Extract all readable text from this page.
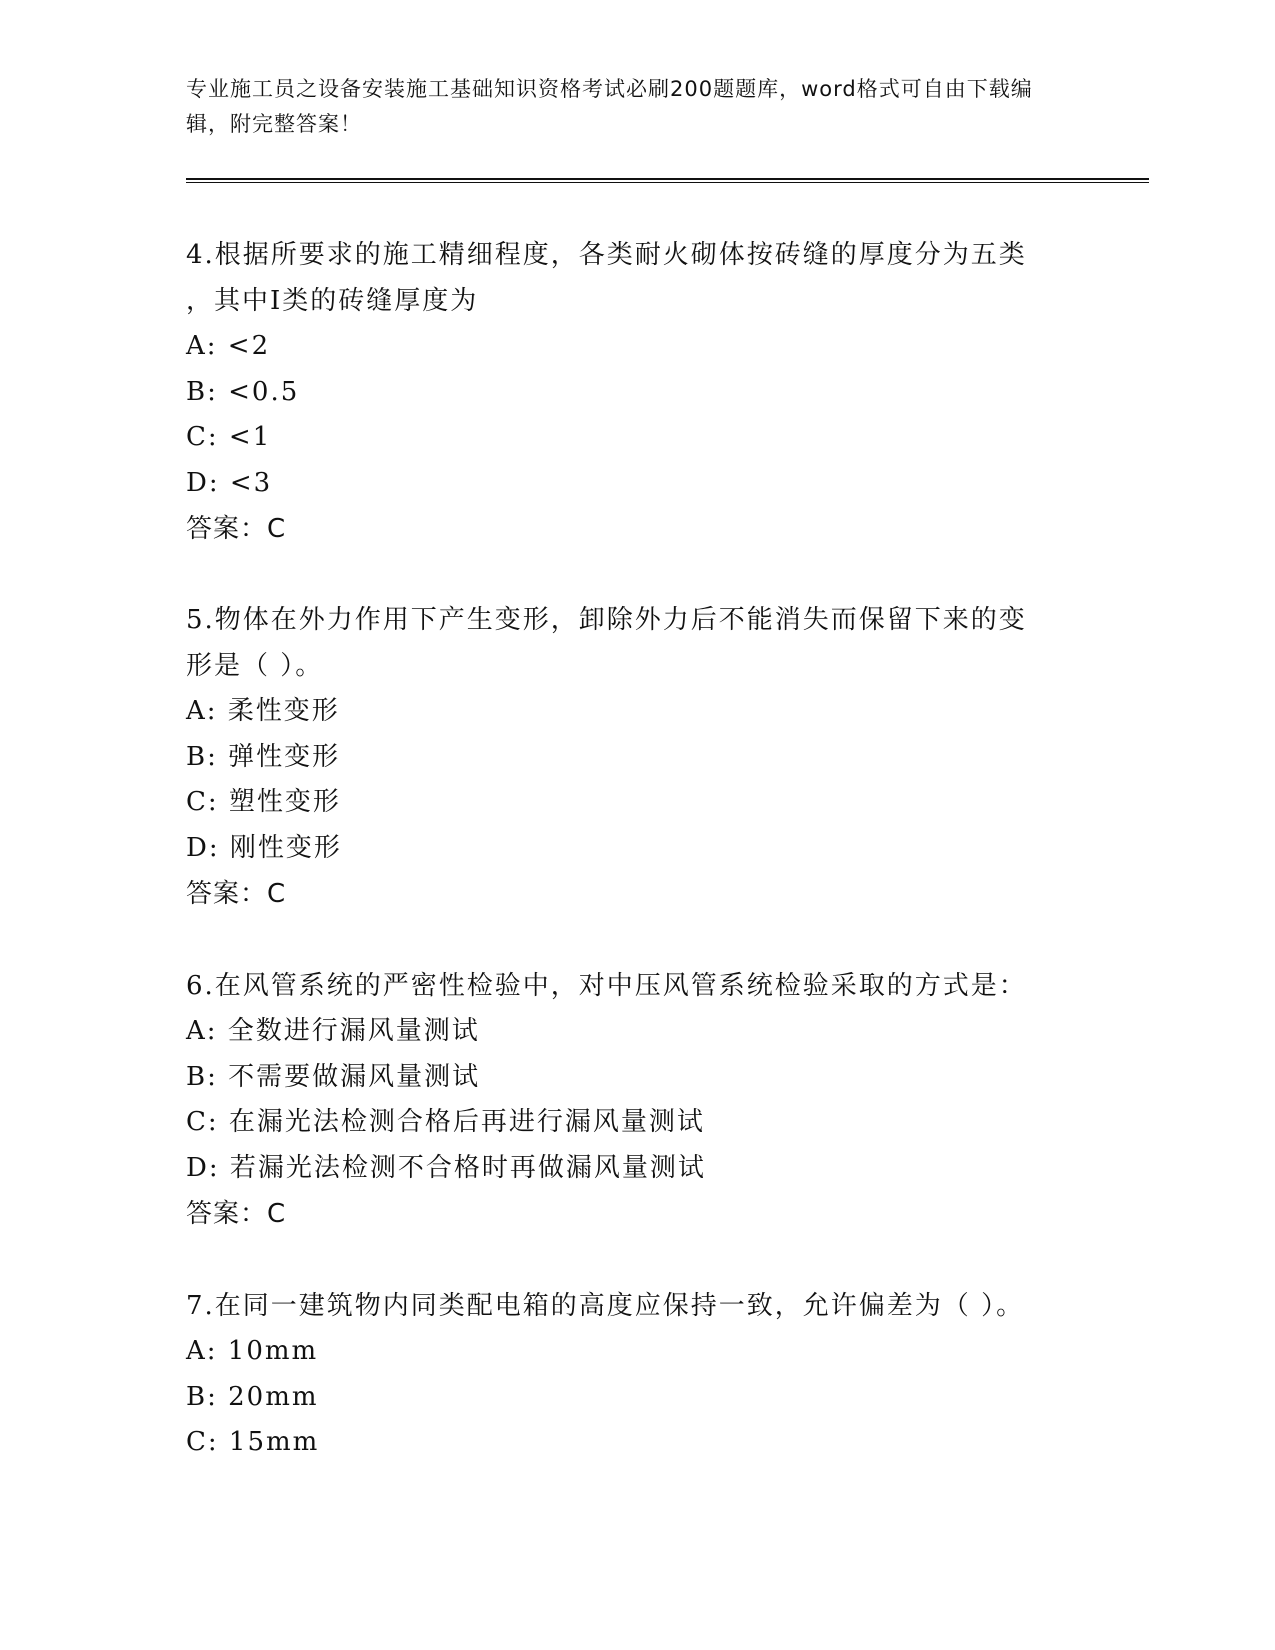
专业施工员之设备安装施工基础知识资格考试必刷200题题库，word格式可自由下载编辑，附完整答案！
4.根据所要求的施工精细程度，各类耐火砌体按砖缝的厚度分为五类
，其中Ⅰ类的砖缝厚度为
A: <2
B: <0.5
C: <1
D: <3
答案：C
5.物体在外力作用下产生变形，卸除外力后不能消失而保留下来的变
形是（ ）。
A: 柔性变形
B: 弹性变形
C: 塑性变形
D: 刚性变形
答案：C
6.在风管系统的严密性检验中，对中压风管系统检验采取的方式是：
A: 全数进行漏风量测试
B: 不需要做漏风量测试
C: 在漏光法检测合格后再进行漏风量测试
D: 若漏光法检测不合格时再做漏风量测试
答案：C
7.在同一建筑物内同类配电箱的高度应保持一致，允许偏差为（ ）。
A: 10mm
B: 20mm
C: 15mm
